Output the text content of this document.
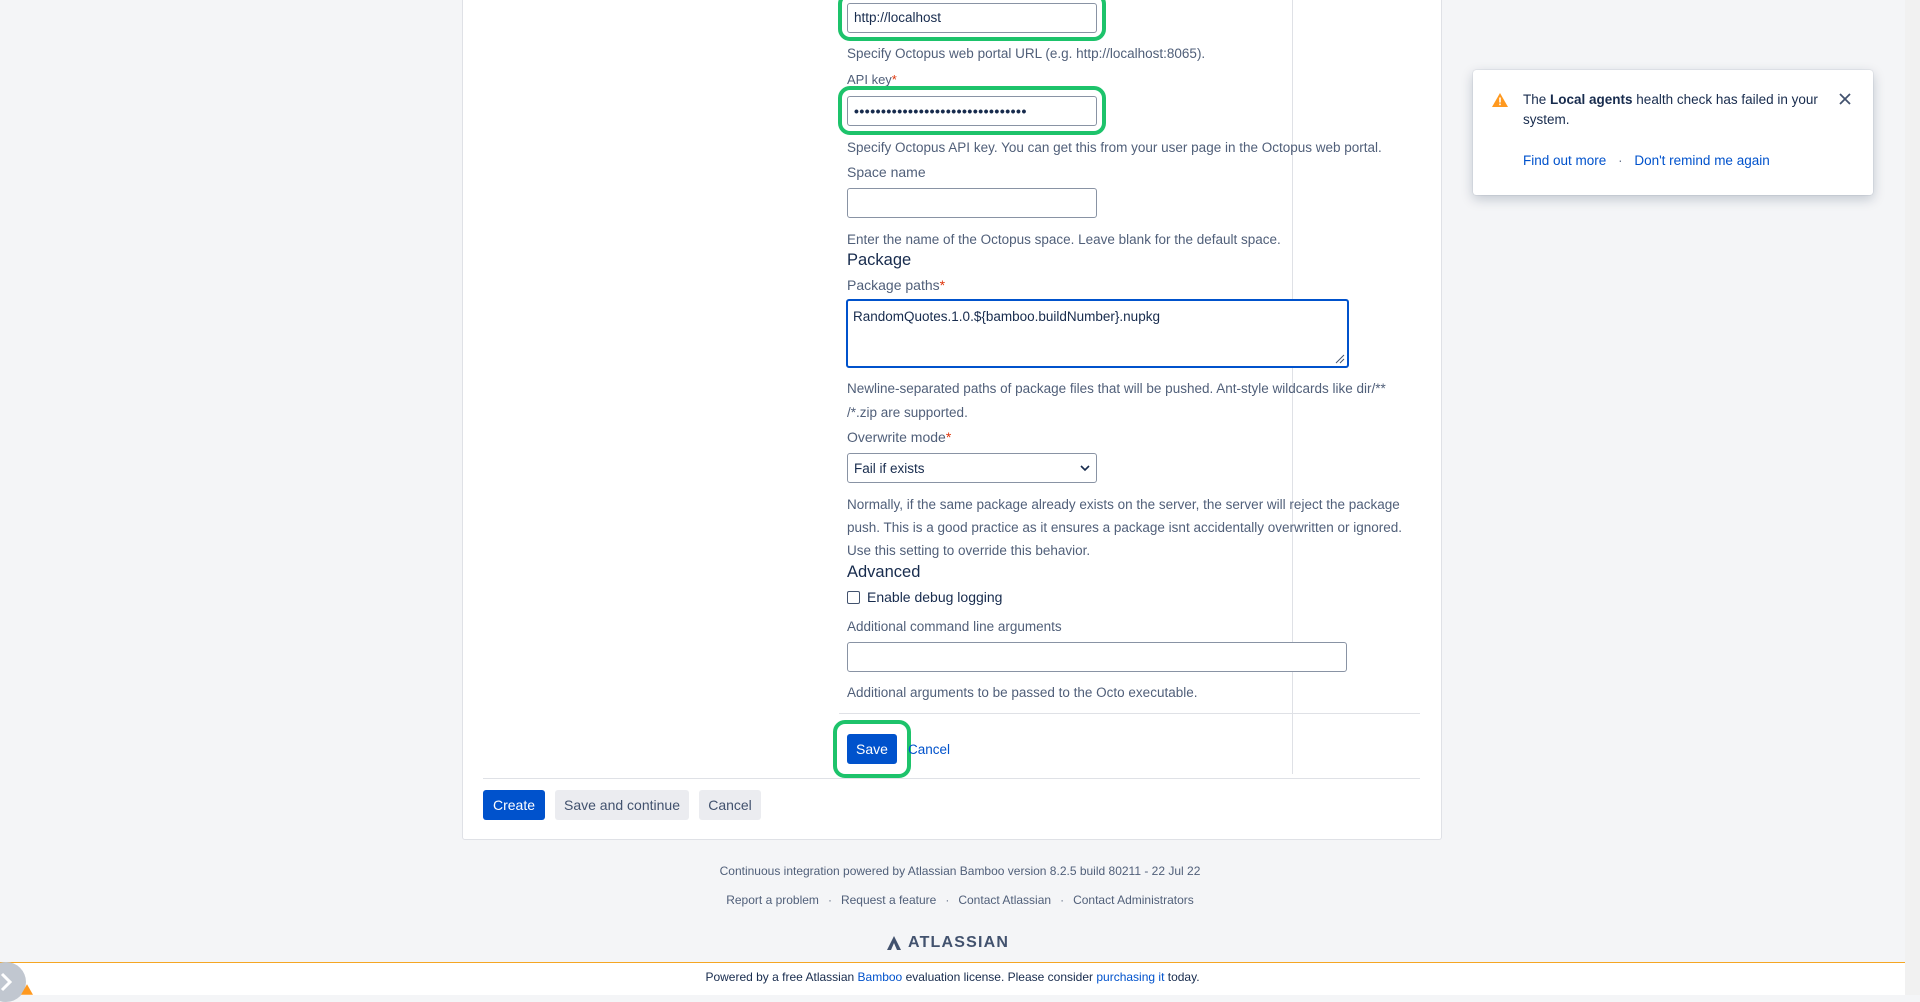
http://localhost
Specify Octopus web portal URL (e.g. http://localhost:8065).
API key*
••••••••••••••••••••••••••••••••
Specify Octopus API key. You can get this from your user page in the Octopus web portal.
Space name
Enter the name of the Octopus space. Leave blank for the default space.
Package
Package paths*
RandomQuotes.1.0.${bamboo.buildNumber}.nupkg
Newline-separated paths of package files that will be pushed. Ant-style wildcards like dir/**
/*.zip are supported.
Overwrite mode*
Fail if exists
Normally, if the same package already exists on the server, the server will reject the package
push. This is a good practice as it ensures a package isnt accidentally overwritten or ignored.
Use this setting to override this behavior.
Advanced
Enable debug logging
Additional command line arguments
Additional arguments to be passed to the Octo executable.
Save	Cancel
Create	Save and continue	Cancel
Continuous integration powered by Atlassian Bamboo version 8.2.5 build 80211 - 22 Jul 22
Report a problem · Request a feature · Contact Atlassian · Contact Administrators
ATLASSIAN
Powered by a free Atlassian Bamboo evaluation license. Please consider purchasing it today.
The Local agents health check has failed in your system.
Find out more · Don't remind me again
